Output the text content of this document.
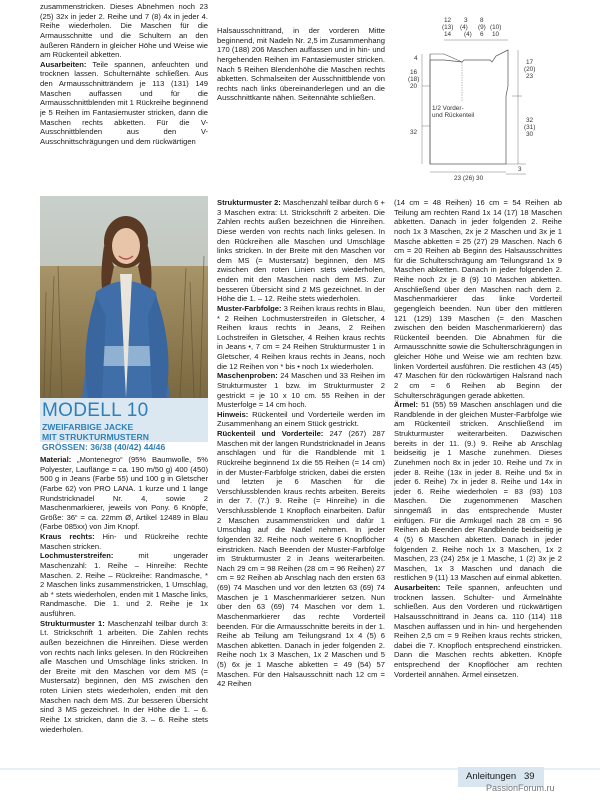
zusammenstricken. Dieses Abnehmen noch 23 (25) 32x in jeder 2. Reihe und 7 (8) 4x in jeder 4. Reihe wiederholen. Die Maschen für die Armausschnitte und die Schultern an den äußeren Rändern in gleicher Höhe und Weise wie am Rückenteil abketten.

Ausarbeiten: Teile spannen, anfeuchten und trocknen lassen. Schulternähte schließen. Aus den Armausschnitträndern je 113 (131) 149 Maschen auffassen und für die Armausschnittblenden mit 1 Rückreihe beginnend je 5 Reihen im Fantasiemuster stricken, dann die Maschen rechts abketten. Für die V-Ausschnittblenden aus den V-Ausschnittschrägungen und dem rückwärtigen

Halsausschnittrand, in der vorderen Mitte beginnend, mit Nadeln Nr. 2,5 im Zusammenhang 170 (188) 206 Maschen auffassen und in hin- und hergehenden Reihen im Fantasiemuster stricken. Nach 5 Reihen Blendenhöhe die Maschen rechts abketten. Schmalseiten der Ausschnittblende von rechts nach links übereinanderlegen und an die Ausschnittkante nähen. Seitennähte schließen.

12
(13)
14
3
(4)
(4)
8
(9)
6
(10)
10
4
16
(18)
20
32
17
(20)
23
32
(31)
30
1/2 Vorder-
und Rückenteil
23 (26) 30
3
MODELL 10
ZWEIFARBIGE JACKE
MIT STRUKTURMUSTERN
GRÖSSEN: 36/38 (40/42) 44/46

Material: „Montenegro“ (95% Baumwolle, 5% Polyester, Lauflänge = ca. 190 m/50 g) 400 (450) 500 g in Jeans (Farbe 55) und 100 g in Gletscher (Farbe 62) von PRO LANA. 1 kurze und 1 lange Rundstricknadel Nr. 4, sowie 2 Maschenmarkierer, jeweils von Pony. 6 Knöpfe, Größe: 36“ = ca. 22mm Ø, Artikel 12489 in Blau (Farbe 085xx) von Jim Knopf.

Kraus rechts: Hin- und Rückreihe rechte Maschen stricken.

Lochmusterstreifen: mit ungerader Maschenzahl: 1. Reihe – Hinreihe: Rechte Maschen. 2. Reihe – Rückreihe: Randmasche, * 2 Maschen links zusammenstricken, 1 Umschlag, ab * stets wiederholen, enden mit 1 Masche links, Randmasche. Die 1. und 2. Reihe je 1x ausführen.

Strukturmuster 1: Maschenzahl teilbar durch 3: Lt. Strickschrift 1 arbeiten. Die Zahlen rechts außen bezeichnen die Hinreihen. Diese werden von rechts nach links gelesen. In den Rückreihen alle Maschen und Umschläge links stricken. In der Breite mit den Maschen vor dem MS (= Mustersatz) beginnen, den MS zwischen den roten Linien stets wiederholen, enden mit den Maschen nach dem MS. Zur besseren Übersicht sind 3 MS gezeichnet. In der Höhe die 1. – 6. Reihe 1x stricken, dann die 3. – 6. Reihe stets wiederholen.

Strukturmuster 2: Maschenzahl teilbar durch 6 + 3 Maschen extra: Lt. Strickschrift 2 arbeiten. Die Zahlen rechts außen bezeichnen die Hinreihen. Diese werden von rechts nach links gelesen. In den Rückreihen alle Maschen und Umschläge links stricken. In der Breite mit den Maschen vor dem MS (= Mustersatz) beginnen, den MS zwischen den roten Linien stets wiederholen, enden mit den Maschen nach dem MS. Zur besseren Übersicht sind 2 MS gezeichnet. In der Höhe die 1. – 12. Reihe stets wiederholen.

Muster-Farbfolge: 3 Reihen kraus rechts in Blau, * 2 Reihen Lochmusterstreifen in Gletscher, 4 Reihen kraus rechts in Jeans, 2 Reihen Lochstreifen in Gletscher, 4 Reihen kraus rechts in Jeans •, 7 cm = 24 Reihen Strukturmuster 1 in Gletscher, 4 Reihen kraus rechts in Jeans, noch die 12 Reihen von * bis • noch 1x wiederholen.

Maschenproben: 24 Maschen und 33 Reihen im Strukturmuster 1 bzw. im Strukturmuster 2 gestrickt = je 10 x 10 cm. 55 Reihen in der Musterfolge = 14 cm hoch.

Hinweis: Rückenteil und Vorderteile werden im Zusammenhang an einem Stück gestrickt.

Rückenteil und Vorderteile: 247 (267) 287 Maschen mit der langen Rundstricknadel in Jeans anschlagen und für die Randblende mit 1 Rückreihe beginnend 1x die 55 Reihen (= 14 cm) in der Muster-Farbfolge stricken, dabei die ersten und letzten je 6 Maschen für die Verschlussblenden kraus rechts arbeiten. Bereits in der 7. (7.) 9. Reihe (= Hinreihe) in die Verschlussblende 1 Knopfloch einarbeiten. Dafür 2 Maschen zusammenstricken und dafür 1 Umschlag auf die Nadel nehmen. In jeder folgenden 32. Reihe noch weitere 6 Knopflöcher einstricken. Nach Beenden der Muster-Farbfolge im Strukturmuster 2 in Jeans weiterarbeiten. Nach 29 cm = 98 Reihen (28 cm = 96 Reihen) 27 cm = 92 Reihen ab Anschlag nach den ersten 63 (69) 74 Maschen und vor den letzten 63 (69) 74 Maschen je 1 Maschenmarkierer setzen. Nun über den 63 (69) 74 Maschen vor dem 1. Maschenmarkierer das rechte Vorderteil beenden. Für die Armausschnitte bereits in der 1. Reihe ab Teilung am Teilungsrand 1x 4 (5) 6 Maschen abketten. Danach in jeder folgenden 2. Reihe noch 1x 3 Maschen, 1x 2 Maschen und 5 (5) 6x je 1 Masche abketten = 49 (54) 57 Maschen. Für den Halsausschnitt nach 12 cm = 42 Reihen

(14 cm = 48 Reihen) 16 cm = 54 Reihen ab Teilung am rechten Rand 1x 14 (17) 18 Maschen abketten. Danach in jeder folgenden 2. Reihe noch 1x 3 Maschen, 2x je 2 Maschen und 3x je 1 Masche abketten = 25 (27) 29 Maschen. Nach 6 cm = 20 Reihen ab Beginn des Halsausschnittes für die Schulterschrägung am Teilungsrand 1x 9 Maschen abketten. Danach in jeder folgenden 2. Reihe noch 2x je 8 (9) 10 Maschen abketten. Anschließend über den Maschen nach dem 2. Maschenmarkierer das linke Vorderteil gegengleich beenden. Nun über den mittleren 121 (129) 139 Maschen (= den Maschen zwischen den beiden Maschenmarkierern) das Rückenteil beenden. Die Abnahmen für die Armausschnitte sowie die Schulterschrägungen in gleicher Höhe und Weise wie am rechten bzw. linken Vorderteil ausführen. Die restlichen 43 (45) 47 Maschen für den rückwärtigen Halsrand nach 2 cm = 6 Reihen ab Beginn der Schulterschrägungen gerade abketten.

Ärmel: 51 (55) 59 Maschen anschlagen und die Randblende in der gleichen Muster-Farbfolge wie am Rückenteil stricken. Anschließend im Strukturmuster weiterarbeiten. Dazwischen bereits in der 11. (9.) 9. Reihe ab Anschlag beidseitig je 1 Masche zunehmen. Dieses Zunehmen noch 8x in jeder 10. Reihe und 7x in jeder 8. Reihe (13x in jeder 8. Reihe und 5x in jeder 6. Reihe) 7x in jeder 8. Reihe und 14x in jeder 6. Reihe wiederholen = 83 (93) 103 Maschen. Die zugenommenen Maschen sinngemäß in das entsprechende Muster einfügen. Für die Armkugel nach 28 cm = 96 Reihen ab Beenden der Randblende beidseitig je 4 (5) 6 Maschen abketten. Danach in jeder folgenden 2. Reihe noch 1x 3 Maschen, 1x 2 Maschen, 23 (24) 25x je 1 Masche, 1 (2) 3x je 2 Maschen, 1x 3 Maschen und danach die restlichen 9 (11) 13 Maschen auf einmal abketten.

Ausarbeiten: Teile spannen, anfeuchten und trocknen lassen. Schulter- und Ärmelnähte schließen. Aus den Vorderen und rückwärtigen Halsausschnittrand in Jeans ca. 110 (114) 118 Maschen auffassen und in hin- und hergehenden Reihen 2,5 cm = 9 Reihen kraus rechts stricken, dabei die 7. Knopfloch entsprechend einstricken. Dann die Maschen rechts abketten. Knöpfe entsprechend der Knopflöcher am rechten Vorderteil annähen. Ärmel einsetzen.

Anleitungen 39
PassionForum.ru
